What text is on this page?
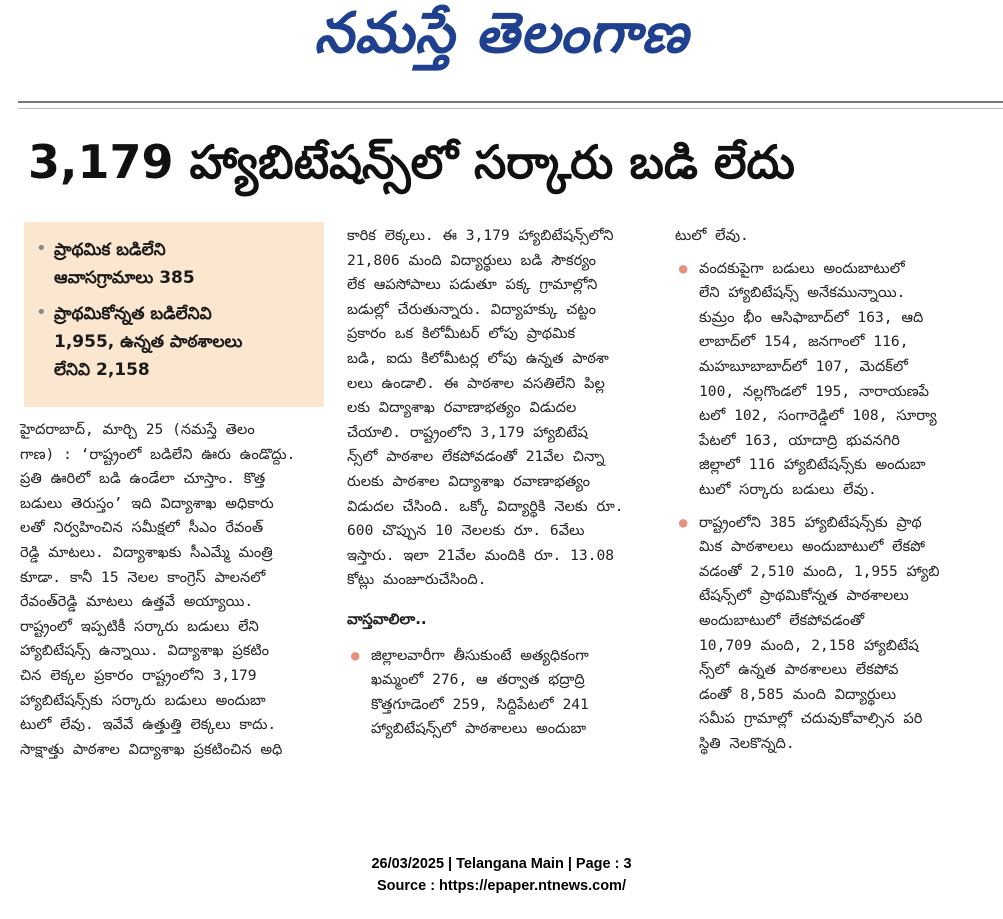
నమస్తే తెలంగాణ
3,179 హ్యాబిటేషన్స్‌లో సర్కారు బడి లేదు
• ప్రాథమిక బడిలేని
ఆవాసగ్రామాలు 385
• ప్రాథమికోన్నత బడిలేనివి
1,955, ఉన్నత పాఠశాలలు
లేనివి 2,158

హైదరాబాద్, మార్చి 25 (నమస్తే తెలం

గాణ) : ‘రాష్ట్రంలో బడిలేని ఊరు ఉండొద్దు.

ప్రతి ఊరిలో బడి ఉండేలా చూస్తాం. కొత్త

బడులు తెరుస్తం’ ఇది విద్యాశాఖ అధికారు

లతో నిర్వహించిన సమీక్షలో సీఎం రేవంత్

రెడ్డి మాటలు. విద్యాశాఖకు సీఎమ్మే మంత్రి

కూడా. కానీ 15 నెలల కాంగ్రెస్ పాలనలో

రేవంత్‌రెడ్డి మాటలు ఉత్తవే అయ్యాయి.

రాష్ట్రంలో ఇప్పటికీ సర్కారు బడులు లేని

హ్యాబిటేషన్స్ ఉన్నాయి. విద్యాశాఖ ప్రకటిం

చిన లెక్కల ప్రకారం రాష్ట్రంలోని 3,179

హ్యాబిటేషన్స్‌కు సర్కారు బడులు అందుబా

టులో లేవు. ఇవేవే ఉత్తుత్తి లెక్కలు కాదు.

సాక్షాత్తు పాఠశాల విద్యాశాఖ ప్రకటించిన అధి

కారిక లెక్కలు. ఈ 3,179 హ్యాబిటేషన్స్‌లోని

21,806 మంది విద్యార్థులు బడి సౌకర్యం

లేక ఆపసోపాలు పడుతూ పక్క గ్రామాల్లోని

బడుల్లో చేరుతున్నారు. విద్యాహక్కు చట్టం

ప్రకారం ఒక కిలోమీటర్ లోపు ప్రాథమిక

బడి, ఐదు కిలోమీటర్ల లోపు ఉన్నత పాఠశా

లలు ఉండాలి. ఈ పాఠశాల వసతిలేని పిల్ల

లకు విద్యాశాఖ రవాణాభత్యం విడుదల

చేయాలి. రాష్ట్రంలోని 3,179 హ్యాబిటేష

న్స్‌లో పాఠశాల లేకపోవడంతో 21వేల చిన్నా

రులకు పాఠశాల విద్యాశాఖ రవాణాభత్యం

విడుదల చేసింది. ఒక్కో విద్యార్థికి నెలకు రూ.

600 చొప్పున 10 నెలలకు రూ. 6వేలు

ఇస్తారు. ఇలా 21వేల మందికి రూ. 13.08

కోట్లు మంజూరుచేసింది.

వాస్తవాలిలా..
● జిల్లాలవారీగా తీసుకుంటే అత్యధికంగా

ఖమ్మంలో 276, ఆ తర్వాత భద్రాద్రి

కొత్తగూడెంలో 259, సిద్దిపేటలో 241

హ్యాబిటేషన్స్‌లో పాఠశాలలు అందుబా

టులో లేవు.

● వందకుపైగా బడులు అందుబాటులో

లేని హ్యాబిటేషన్స్ అనేకమున్నాయి.

కుమ్రం భీం ఆసిఫాబాద్‌లో 163, ఆది

లాబాద్‌లో 154, జనగాంలో 116,

మహబూబాబాద్‌లో 107, మెదక్‌లో

100, నల్లగొండలో 195, నారాయణపే

టలో 102, సంగారెడ్డిలో 108, సూర్యా

పేటలో 163, యాదాద్రి భువనగిరి

జిల్లాలో 116 హ్యాబిటేషన్స్‌కు అందుబా

టులో సర్కారు బడులు లేవు.

● రాష్ట్రంలోని 385 హ్యాబిటేషన్స్‌కు ప్రాథ

మిక పాఠశాలలు అందుబాటులో లేకపో

వడంతో 2,510 మంది, 1,955 హ్యాబి

టేషన్స్‌లో ప్రాథమికోన్నత పాఠశాలలు

అందుబాటులో లేకపోవడంతో

10,709 మంది, 2,158 హ్యాబిటేష

న్స్‌లో ఉన్నత పాఠశాలలు లేకపోవ

డంతో 8,585 మంది విద్యార్థులు

సమీప గ్రామాల్లో చదువుకోవాల్సిన పరి

స్థితి నెలకొన్నది.

26/03/2025 | Telangana Main | Page : 3
Source : https://epaper.ntnews.com/
